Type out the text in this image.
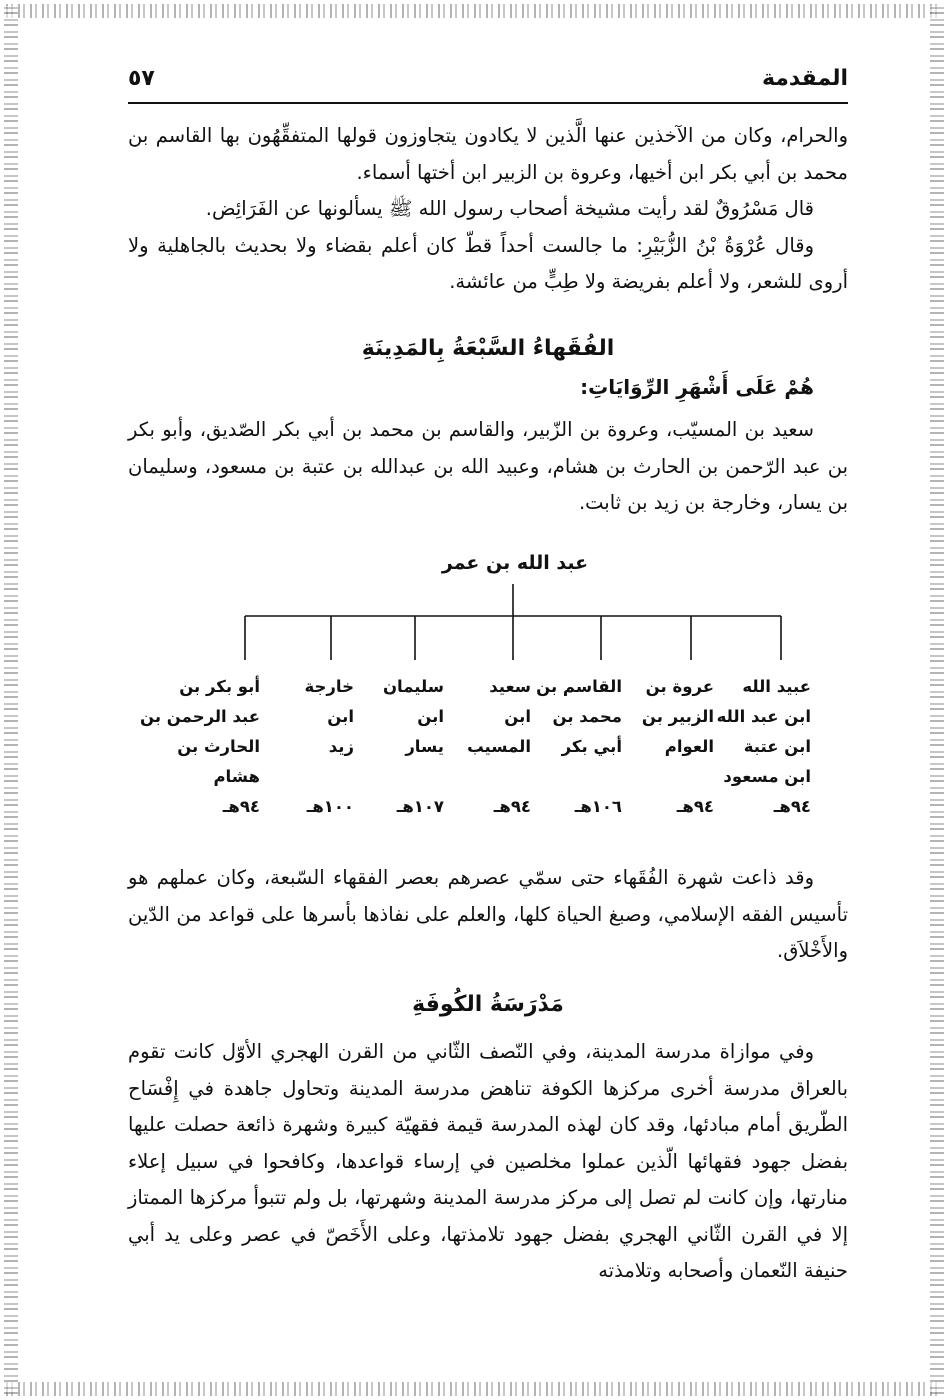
المقدمة
٥٧

والحرام، وكان من الآخذين عنها الَّذين لا يكادون يتجاوزون قولها المتفقِّهُون بها القاسم بن محمد بن أبي بكر ابن أخيها، وعروة بن الزبير ابن أختها أسماء.

قال مَسْرُوقٌ لقد رأيت مشيخة أصحاب رسول الله ﷺ يسألونها عن الفَرَائِض.

وقال عُرْوَةُ بْنُ الزُّبَيْرِ: ما جالست أحداً قطّ كان أعلم بقضاء ولا بحديث بالجاهلية ولا أروى للشعر، ولا أعلم بفريضة ولا طِبٍّ من عائشة.

الفُقَهاءُ السَّبْعَةُ بِالمَدِينَةِ
هُمْ عَلَى أَشْهَرِ الرِّوَايَاتِ:

سعيد بن المسيّب، وعروة بن الزّبير، والقاسم بن محمد بن أبي بكر الصّديق، وأبو بكر بن عبد الرّحمن بن الحارث بن هشام، وعبيد الله بن عبدالله بن عتبة بن مسعود، وسليمان بن يسار، وخارجة بن زيد بن ثابت.

عبد الله بن عمر
عبيد الله
ابن عبد الله
ابن عتبة
ابن مسعود
٩٤هـ
عروة بن
الزبير بن
العوام
٩٤هـ
القاسم بن
محمد بن
أبي بكر
١٠٦هـ
سعيد
ابن
المسيب
٩٤هـ
سليمان
ابن
يسار
١٠٧هـ
خارجة
ابن
زيد
١٠٠هـ
أبو بكر بن
عبد الرحمن بن
الحارث بن
هشام
٩٤هـ

وقد ذاعت شهرة الفُقَهاء حتى سمّي عصرهم بعصر الفقهاء السّبعة، وكان عملهم هو تأسيس الفقه الإسلامي، وصبغ الحياة كلها، والعلم على نفاذها بأسرها على قواعد من الدّين والأَخْلاَق.

مَدْرَسَةُ الكُوفَةِ

وفي موازاة مدرسة المدينة، وفي النّصف الثّاني من القرن الهجري الأوّل كانت تقوم بالعراق مدرسة أخرى مركزها الكوفة تناهض مدرسة المدينة وتحاول جاهدة في إِفْسَاح الطّريق أمام مبادئها، وقد كان لهذه المدرسة قيمة فقهيّة كبيرة وشهرة ذائعة حصلت عليها بفضل جهود فقهائها الّذين عملوا مخلصين في إرساء قواعدها، وكافحوا في سبيل إعلاء منارتها، وإن كانت لم تصل إلى مركز مدرسة المدينة وشهرتها، بل ولم تتبوأ مركزها الممتاز إلا في القرن الثّاني الهجري بفضل جهود تلامذتها، وعلى الأَخَصّ في عصر وعلى يد أبي حنيفة النّعمان وأصحابه وتلامذته
